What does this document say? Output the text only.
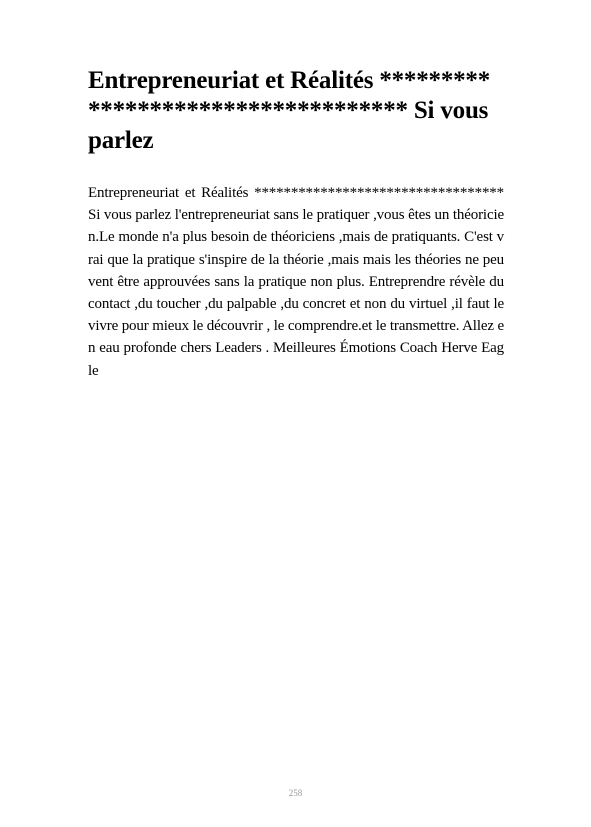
Entrepreneuriat et Réalités ********* ************************** Si vous parlez

Entrepreneuriat et Réalités ********************************** Si vous parlez l'entrepreneuriat sans le pratiquer ,vous êtes un théoricien.Le monde n'a plus besoin de théoriciens ,mais de pratiquants. C'est vrai que la pratique s'inspire de la théorie ,mais mais les théories ne peuvent être approuvées sans la pratique non plus. Entreprendre révèle du contact ,du toucher ,du palpable ,du concret et non du virtuel ,il faut le vivre pour mieux le découvrir , le comprendre.et le transmettre. Allez en eau profonde chers Leaders . Meilleures Émotions Coach Herve Eagle

258
